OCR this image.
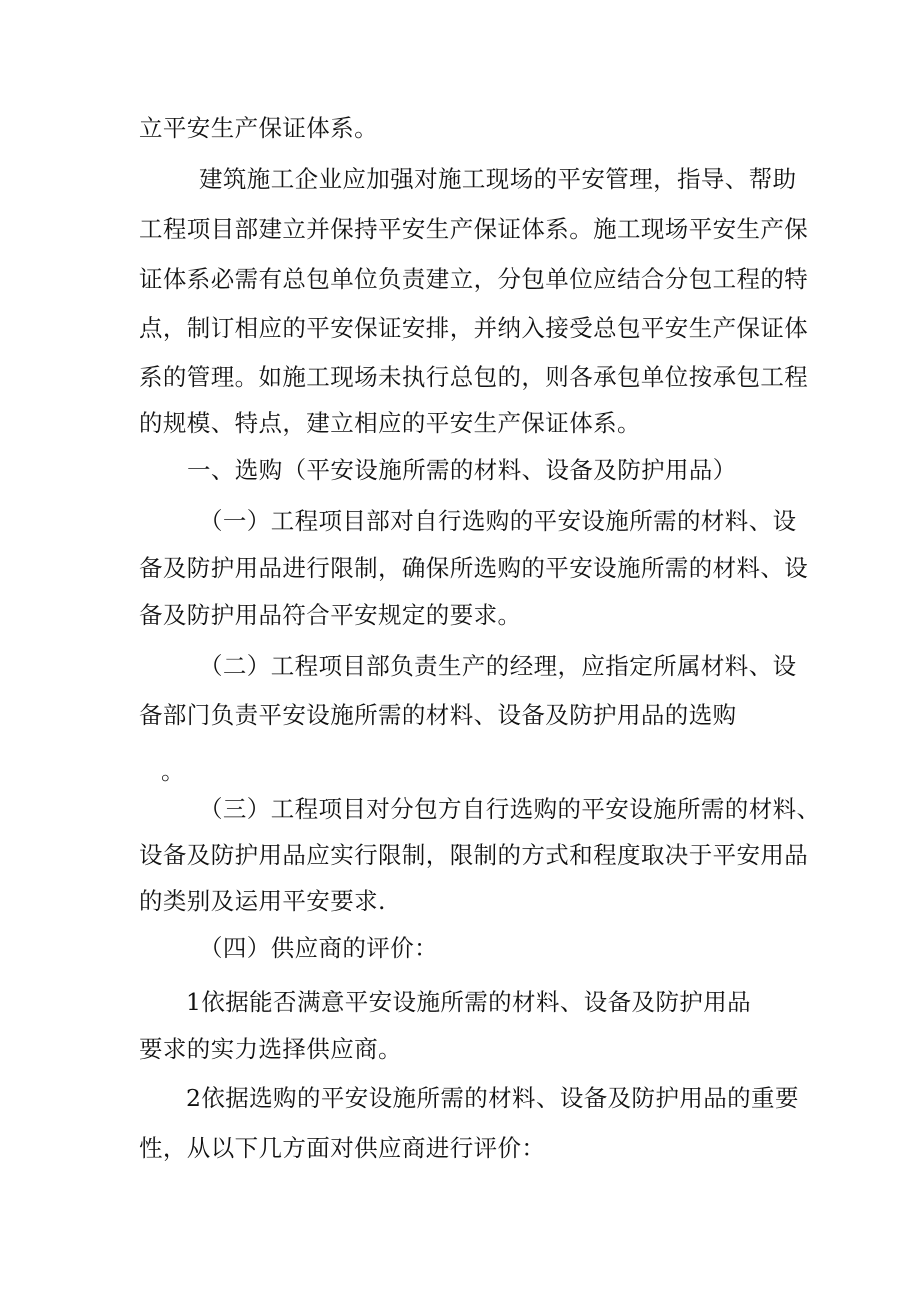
立平安生产保证体系。
建筑施工企业应加强对施工现场的平安管理，指导、帮助
工程项目部建立并保持平安生产保证体系。施工现场平安生产保
证体系必需有总包单位负责建立，分包单位应结合分包工程的特
点，制订相应的平安保证安排，并纳入接受总包平安生产保证体
系的管理。如施工现场未执行总包的，则各承包单位按承包工程
的规模、特点，建立相应的平安生产保证体系。
一、选购（平安设施所需的材料、设备及防护用品）
（一）工程项目部对自行选购的平安设施所需的材料、设
备及防护用品进行限制，确保所选购的平安设施所需的材料、设
备及防护用品符合平安规定的要求。
（二）工程项目部负责生产的经理，应指定所属材料、设
备部门负责平安设施所需的材料、设备及防护用品的选购
。
（三）工程项目对分包方自行选购的平安设施所需的材料、
设备及防护用品应实行限制，限制的方式和程度取决于平安用品
的类别及运用平安要求.
（四）供应商的评价：
1依据能否满意平安设施所需的材料、设备及防护用品
要求的实力选择供应商。
2依据选购的平安设施所需的材料、设备及防护用品的重要
性，从以下几方面对供应商进行评价：
